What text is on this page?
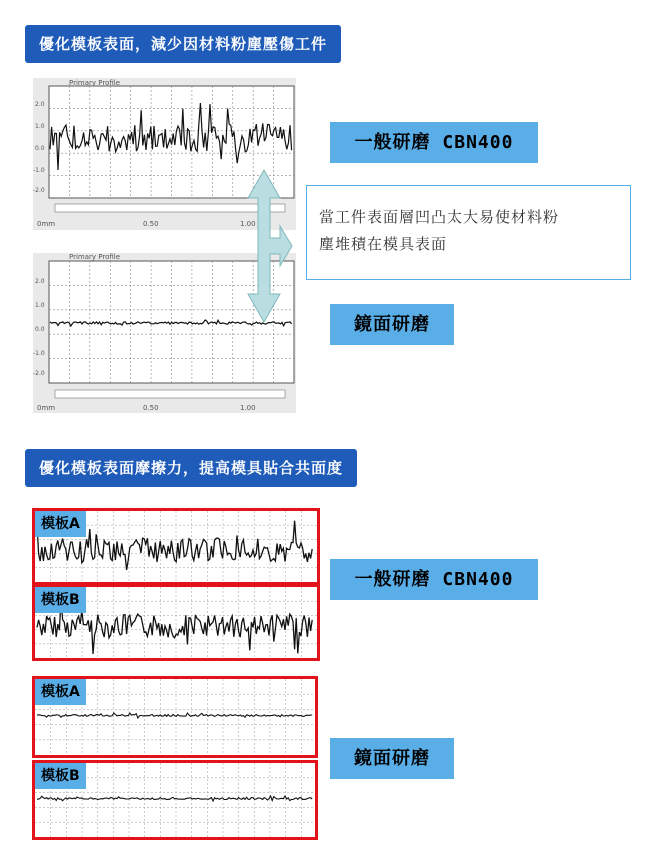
優化模板表面，減少因材料粉塵壓傷工件
Primary Profile
2.0
1.0
0.0
-1.0
-2.0
0mm	0.50	1.00
Primary Profile
2.0
1.0
0.0
-1.0
-2.0
0mm	0.50	1.00
一般研磨 CBN400
當工件表面層凹凸太大易使材料粉
塵堆積在模具表面
鏡面研磨
優化模板表面摩擦力，提高模具貼合共面度
模板A
模板B
一般研磨 CBN400
模板A
模板B
鏡面研磨
